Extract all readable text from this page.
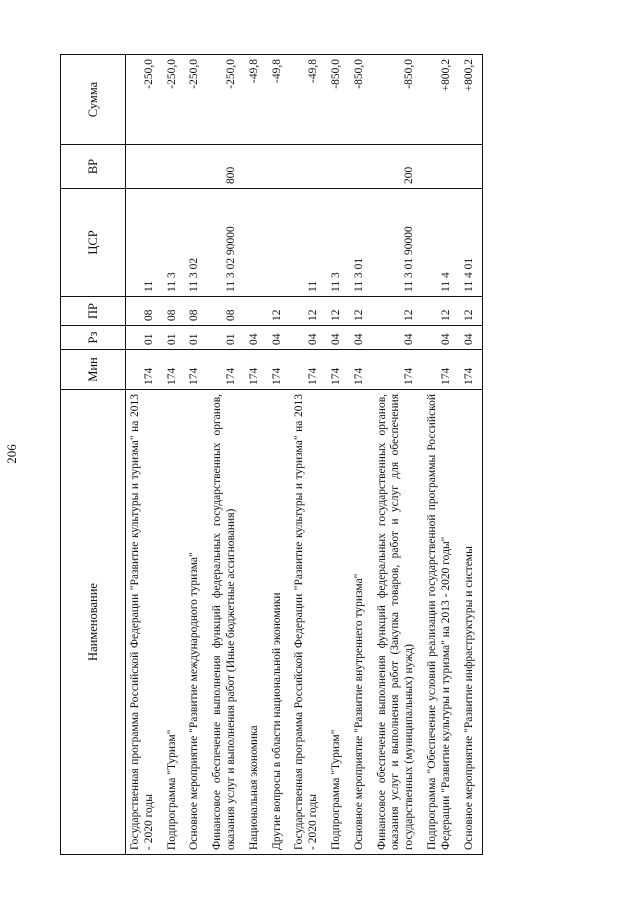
206
Наименование	Мин	Рз	ПР	ЦСР	ВР	Сумма
Государственная программа Российской Федерации "Развитие культуры и туризма" на 2013 - 2020 годы	174	01	08	11		-250,0
Подпрограмма "Туризм"	174	01	08	11 3		-250,0
Основное мероприятие "Развитие международного туризма"	174	01	08	11 3 02		-250,0
Финансовое обеспечение выполнения функций федеральных государственных органов, оказания услуг и выполнения работ (Иные бюджетные ассигнования)	174	01	08	11 3 02 90000	800	-250,0
Национальная экономика	174	04				-49,8
Другие вопросы в области национальной экономики	174	04	12			-49,8
Государственная программа Российской Федерации "Развитие культуры и туризма" на 2013 - 2020 годы	174	04	12	11		-49,8
Подпрограмма "Туризм"	174	04	12	11 3		-850,0
Основное мероприятие "Развитие внутреннего туризма"	174	04	12	11 3 01		-850,0
Финансовое обеспечение выполнения функций федеральных государственных органов, оказания услуг и выполнения работ (Закупка товаров, работ и услуг для обеспечения государственных (муниципальных) нужд)	174	04	12	11 3 01 90000	200	-850,0
Подпрограмма "Обеспечение условий реализации государственной программы Российской Федерации "Развитие культуры и туризма" на 2013 - 2020 годы"	174	04	12	11 4		+800,2
Основное мероприятие "Развитие инфраструктуры и системы	174	04	12	11 4 01		+800,2
